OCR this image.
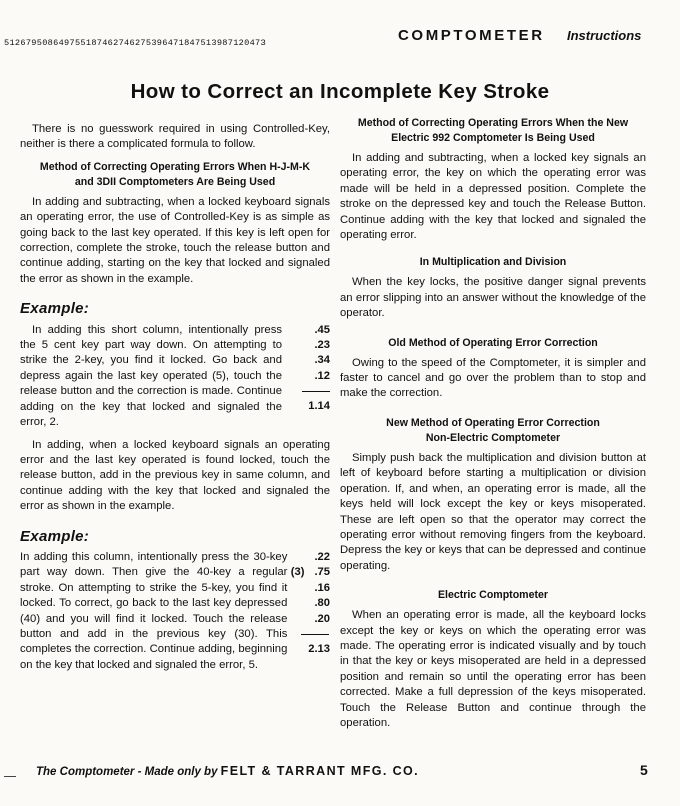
51267950864975518746274627539647184751398712047З	COMPTOMETER Instructions
How to Correct an Incomplete Key Stroke

There is no guesswork required in using Controlled-Key, neither is there a complicated formula to follow.

Method of Correcting Operating Errors When H-J-M-K
and 3DII Comptometers Are Being Used

In adding and subtracting, when a locked keyboard signals an operating error, the use of Controlled-Key is as simple as going back to the last key operated. If this key is left open for correction, complete the stroke, touch the release button and continue adding, starting on the key that locked and signaled the error as shown in the example.

Example:
In adding this short column, intentionally press the 5 cent key part way down. On attempting to strike the 2-key, you find it locked. Go back and depress again the last key operated (5), touch the release button and the correction is made. Continue adding on the key that locked and signaled the error, 2.
.45
.23
.34
.12
1.14

In adding, when a locked keyboard signals an operating error and the last key operated is found locked, touch the release button, add in the previous key in same column, and continue adding with the key that locked and signaled the error as shown in the example.

Example:
In adding this column, intentionally press the 30-key part way down. Then give the 40-key a regular stroke. On attempting to strike the 5-key, you find it locked. To correct, go back to the last key depressed (40) and you will find it locked. Touch the release button and add in the previous key (30). This completes the correction. Continue adding, beginning on the key that locked and signaled the error, 5.
.22
(3) .75
.16
.80
.20
2.13
Method of Correcting Operating Errors When the New
Electric 992 Comptometer Is Being Used

In adding and subtracting, when a locked key signals an operating error, the key on which the operating error was made will be held in a depressed position. Complete the stroke on the depressed key and touch the Release Button. Continue adding with the key that locked and signaled the operating error.

In Multiplication and Division

When the key locks, the positive danger signal prevents an error slipping into an answer without the knowledge of the operator.

Old Method of Operating Error Correction

Owing to the speed of the Comptometer, it is simpler and faster to cancel and go over the problem than to stop and make the correction.

New Method of Operating Error Correction
Non-Electric Comptometer

Simply push back the multiplication and division button at left of keyboard before starting a multiplication or division operation. If, and when, an operating error is made, all the keys held will lock except the key or keys misoperated. These are left open so that the operator may correct the operating error without removing fingers from the keyboard. Depress the key or keys that can be depressed and continue operating.

Electric Comptometer

When an operating error is made, all the keyboard locks except the key or keys on which the operating error was made. The operating error is indicated visually and by touch in that the key or keys misoperated are held in a depressed position and remain so until the operating error has been corrected. Make a full depression of the keys misoperated. Touch the Release Button and continue through the operation.

The Comptometer - Made only by FELT & TARRANT MFG. CO.	5
